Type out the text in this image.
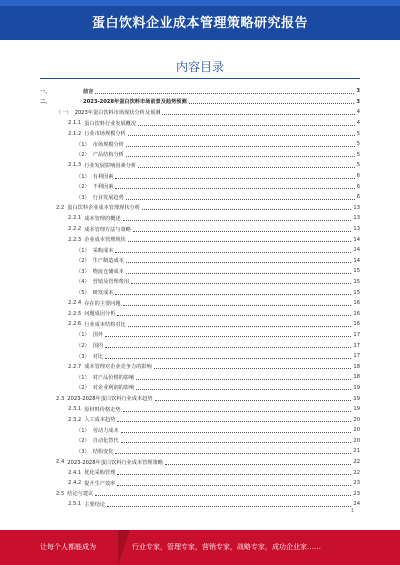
蛋白饮料企业成本管理策略研究报告
内容目录
一、	前言	3
二、	2023-2028年蛋白饮料市场前景及趋势预测	3
（一） 2023年蛋白饮料市场现状分析及预测	4
2.1.1 蛋白饮料行业发展概况	4
2.1.2 行业市场规模分析	5
（1） 市场规模分析	5
（2） 产品结构分析	5
2.1.3 行业发展影响因素分析	5
（1） 有利因素	6
（2） 不利因素	6
（3） 行业发展趋势	6
2.2 蛋白饮料企业成本管理现状分析	13
2.2.1 成本管理的概述	13
2.2.2 成本管理方法与策略	13
2.2.3 企业成本管理现状	14
（1） 采购成本	14
（2） 生产制造成本	14
（3） 物流仓储成本	15
（4） 营销及管理费用	15
（5） 研发成本	15
2.2.4 存在的主要问题	16
2.2.5 问题成因分析	16
2.2.6 行业成本结构对比	16
（1） 国外	17
（2） 国内	17
（3） 对比	17
2.2.7 成本管理对企业竞争力的影响	18
（1） 对产品价格的影响	18
（2） 对企业利润的影响	19
2.3 2023-2028年蛋白饮料行业成本趋势	19
2.3.1 原材料价格走势	19
2.3.2 人工成本趋势	20
（1） 劳动力成本	20
（2） 自动化替代	20
（3） 结构变化	21
2.4 2023-2028年蛋白饮料行业成本管理策略	22
2.4.1 优化采购管理	22
2.4.2 提升生产效率	23
2.5 结论与建议	23
2.5.1 主要结论	24
1
让每个人都能成为	行业专家，管理专家，营销专家，战略专家，成功企业家……
